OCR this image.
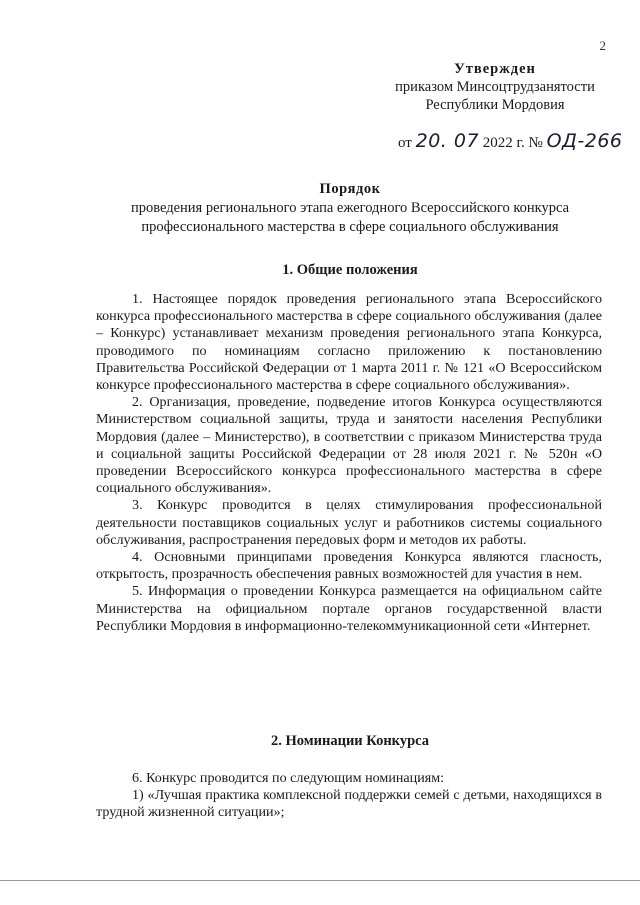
2
Утвержден
приказом Минсоцтрудзанятости
Республики Мордовия
от 20. 07 2022 г. № ОД-266
Порядок
проведения регионального этапа ежегодного Всероссийского конкурса
профессионального мастерства в сфере социального обслуживания
1. Общие положения

1. Настоящее порядок проведения регионального этапа Всероссийского конкурса профессионального мастерства в сфере социального обслуживания (далее – Конкурс) устанавливает механизм проведения регионального этапа Конкурса, проводимого по номинациям согласно приложению к постановлению Правительства Российской Федерации от 1 марта 2011 г. № 121 «О Всероссийском конкурсе профессионального мастерства в сфере социального обслуживания».

2. Организация, проведение, подведение итогов Конкурса осуществляются Министерством социальной защиты, труда и занятости населения Республики Мордовия (далее – Министерство), в соответствии с приказом Министерства труда и социальной защиты Российской Федерации от 28 июля 2021 г. № 520н «О проведении Всероссийского конкурса профессионального мастерства в сфере социального обслуживания».

3. Конкурс проводится в целях стимулирования профессиональной деятельности поставщиков социальных услуг и работников системы социального обслуживания, распространения передовых форм и методов их работы.

4. Основными принципами проведения Конкурса являются гласность, открытость, прозрачность обеспечения равных возможностей для участия в нем.

5. Информация о проведении Конкурса размещается на официальном сайте Министерства на официальном портале органов государственной власти Республики Мордовия в информационно-телекоммуникационной сети «Интернет.

2. Номинации Конкурса

6. Конкурс проводится по следующим номинациям:

1) «Лучшая практика комплексной поддержки семей с детьми, находящихся в трудной жизненной ситуации»;
